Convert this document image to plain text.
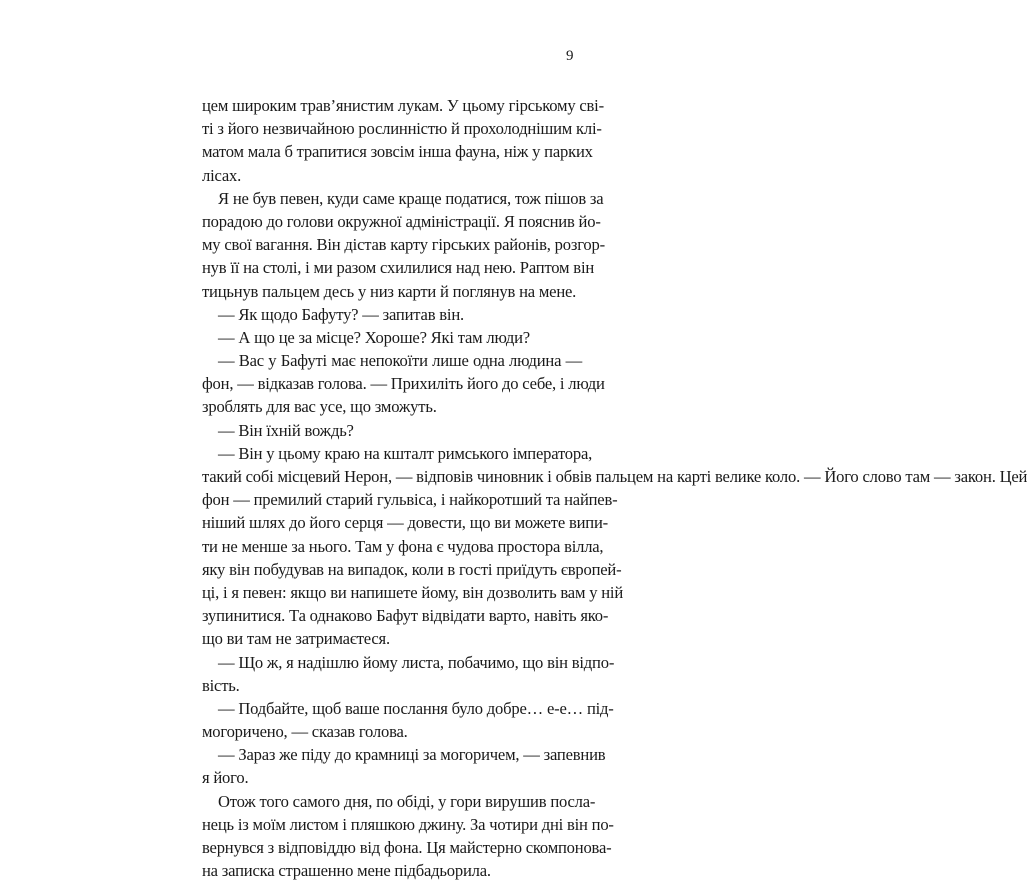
9
цем широким трав’янистим лукам. У цьому гірському сві-
ті з його незвичайною рослинністю й прохолоднішим клі-
матом мала б трапитися зовсім інша фауна, ніж у парких
лісах.
Я не був певен, куди саме краще податися, тож пішов за
порадою до голови окружної адміністрації. Я пояснив йо-
му свої вагання. Він дістав карту гірських районів, розгор-
нув її на столі, і ми разом схилилися над нею. Раптом він
тицьнув пальцем десь у низ карти й поглянув на мене.
— Як щодо Бафуту? — запитав він.
— А що це за місце? Хороше? Які там люди?
— Вас у Бафуті має непокоїти лише одна людина —
фон, — відказав голова. — Прихиліть його до себе, і люди
зроблять для вас усе, що зможуть.
— Він їхній вождь?
— Він у цьому краю на кшталт римського імператора,
такий собі місцевий Нерон, — відповів чиновник і обвів пальцем на карті велике коло. — Його слово там — закон. Цей
фон — премилий старий гульвіса, і найкоротший та найпев-
ніший шлях до його серця — довести, що ви можете випи-
ти не менше за нього. Там у фона є чудова простора вілла,
яку він побудував на випадок, коли в гості приїдуть європей-
ці, і я певен: якщо ви напишете йому, він дозволить вам у ній
зупинитися. Та однаково Бафут відвідати варто, навіть яко-
що ви там не затримаєтеся.
— Що ж, я надішлю йому листа, побачимо, що він відпо-
вість.
— Подбайте, щоб ваше послання було добре… е-е… під-
могоричено, — сказав голова.
— Зараз же піду до крамниці за могоричем, — запевнив
я його.
Отож того самого дня, по обіді, у гори вирушив посла-
нець із моїм листом і пляшкою джину. За чотири дні він по-
вернувся з відповіддю від фона. Ця майстерно скомпонова-
на записка страшенно мене підбадьорила.
